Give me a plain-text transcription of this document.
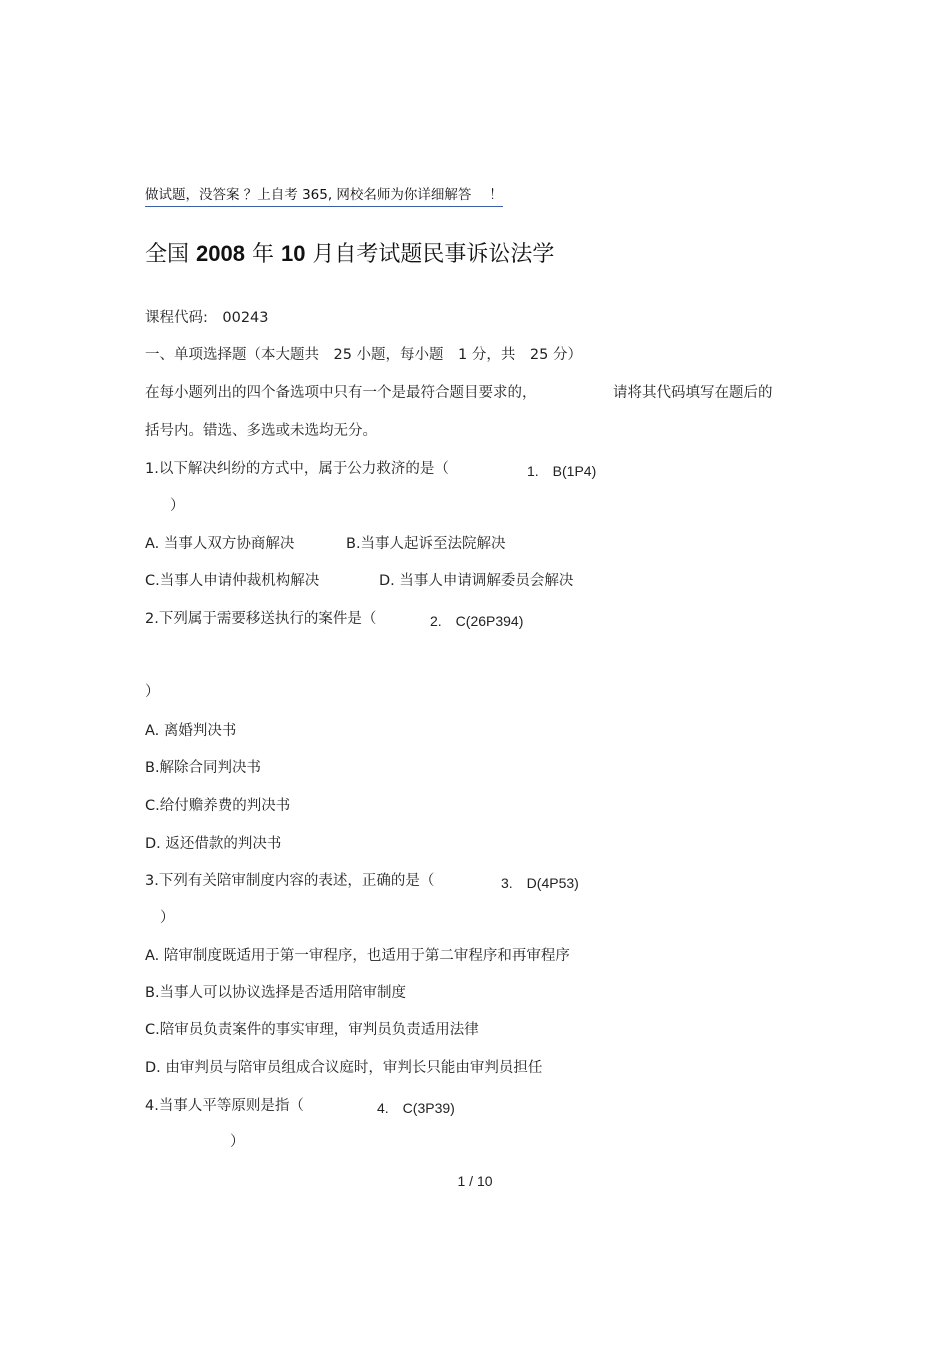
做试题，没答案 ？上自考 365, 网校名师为你详细解答 　！
全国 2008 年 10 月自考试题民事诉讼法学
课程代码:　00243
一、单项选择题（本大题共　25 小题，每小题　1 分，共　25 分）
在每小题列出的四个备选项中只有一个是最符合题目要求的，	请将其代码填写在题后的
括号内。错选、多选或未选均无分。
1.以下解决纠纷的方式中，属于公力救济的是（	1.　B(1P4)
）
A. 当事人双方协商解决	B.当事人起诉至法院解决
C.当事人申请仲裁机构解决	D. 当事人申请调解委员会解决
2.下列属于需要移送执行的案件是（	2.　C(26P394)
）
A. 离婚判决书
B.解除合同判决书
C.给付赡养费的判决书
D. 返还借款的判决书
3.下列有关陪审制度内容的表述，正确的是（	3.　D(4P53)
）
A. 陪审制度既适用于第一审程序，也适用于第二审程序和再审程序
B.当事人可以协议选择是否适用陪审制度
C.陪审员负责案件的事实审理，审判员负责适用法律
D. 由审判员与陪审员组成合议庭时，审判长只能由审判员担任
4.当事人平等原则是指（	4.　C(3P39)
）
1 / 10
